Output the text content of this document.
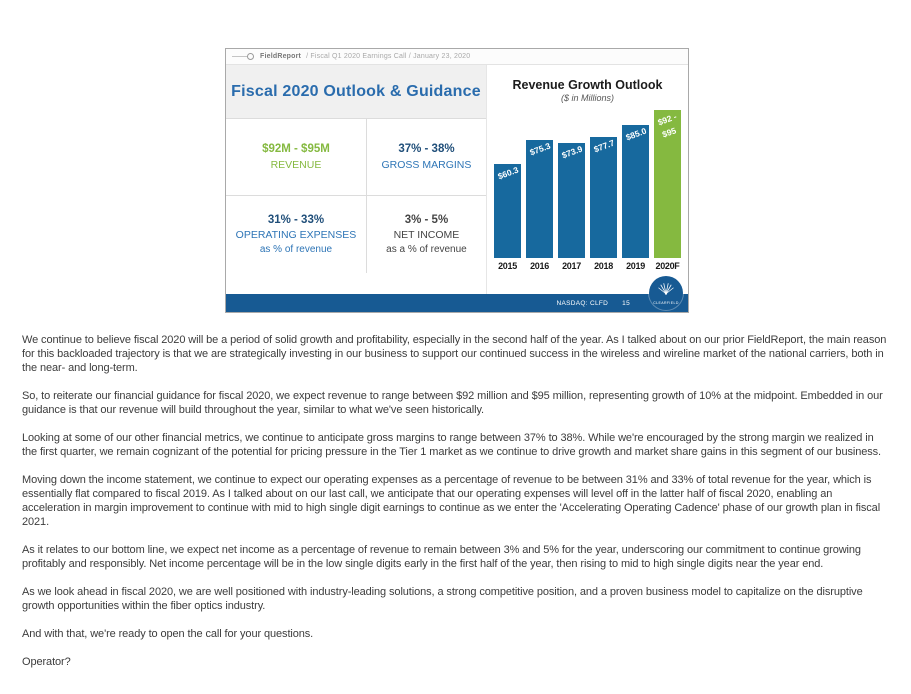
FieldReport / Fiscal Q1 2020 Earnings Call / January 23, 2020
Fiscal 2020 Outlook & Guidance
$92M - $95M
REVENUE
37% - 38%
GROSS MARGINS
31% - 33%
OPERATING EXPENSES
as % of revenue
3% - 5%
NET INCOME
as a % of revenue
Revenue Growth Outlook
($ in Millions)
$60.3
$75.3 $73.9 $77.7
$85.0
$92 -
$95
2015	2016	2017	2018	2019	2020F
NASDAQ: CLFD 15	CLEARFIELD

We continue to believe fiscal 2020 will be a period of solid growth and profitability, especially in the second half of the year. As I talked about on our prior FieldReport, the main reason for this backloaded trajectory is that we are strategically investing in our business to support our continued success in the wireless and wireline market of the national carriers, both in the near- and long-term.

So, to reiterate our financial guidance for fiscal 2020, we expect revenue to range between $92 million and $95 million, representing growth of 10% at the midpoint. Embedded in our guidance is that our revenue will build throughout the year, similar to what we've seen historically.

Looking at some of our other financial metrics, we continue to anticipate gross margins to range between 37% to 38%. While we're encouraged by the strong margin we realized in the first quarter, we remain cognizant of the potential for pricing pressure in the Tier 1 market as we continue to drive growth and market share gains in this segment of our business.

Moving down the income statement, we continue to expect our operating expenses as a percentage of revenue to be between 31% and 33% of total revenue for the year, which is essentially flat compared to fiscal 2019. As I talked about on our last call, we anticipate that our operating expenses will level off in the latter half of fiscal 2020, enabling an acceleration in margin improvement to continue with mid to high single digit earnings to continue as we enter the 'Accelerating Operating Cadence' phase of our growth plan in fiscal 2021.

As it relates to our bottom line, we expect net income as a percentage of revenue to remain between 3% and 5% for the year, underscoring our commitment to continue growing profitably and responsibly. Net income percentage will be in the low single digits early in the first half of the year, then rising to mid to high single digits near the year end.

As we look ahead in fiscal 2020, we are well positioned with industry-leading solutions, a strong competitive position, and a proven business model to capitalize on the disruptive growth opportunities within the fiber optics industry.

And with that, we're ready to open the call for your questions.

Operator?
